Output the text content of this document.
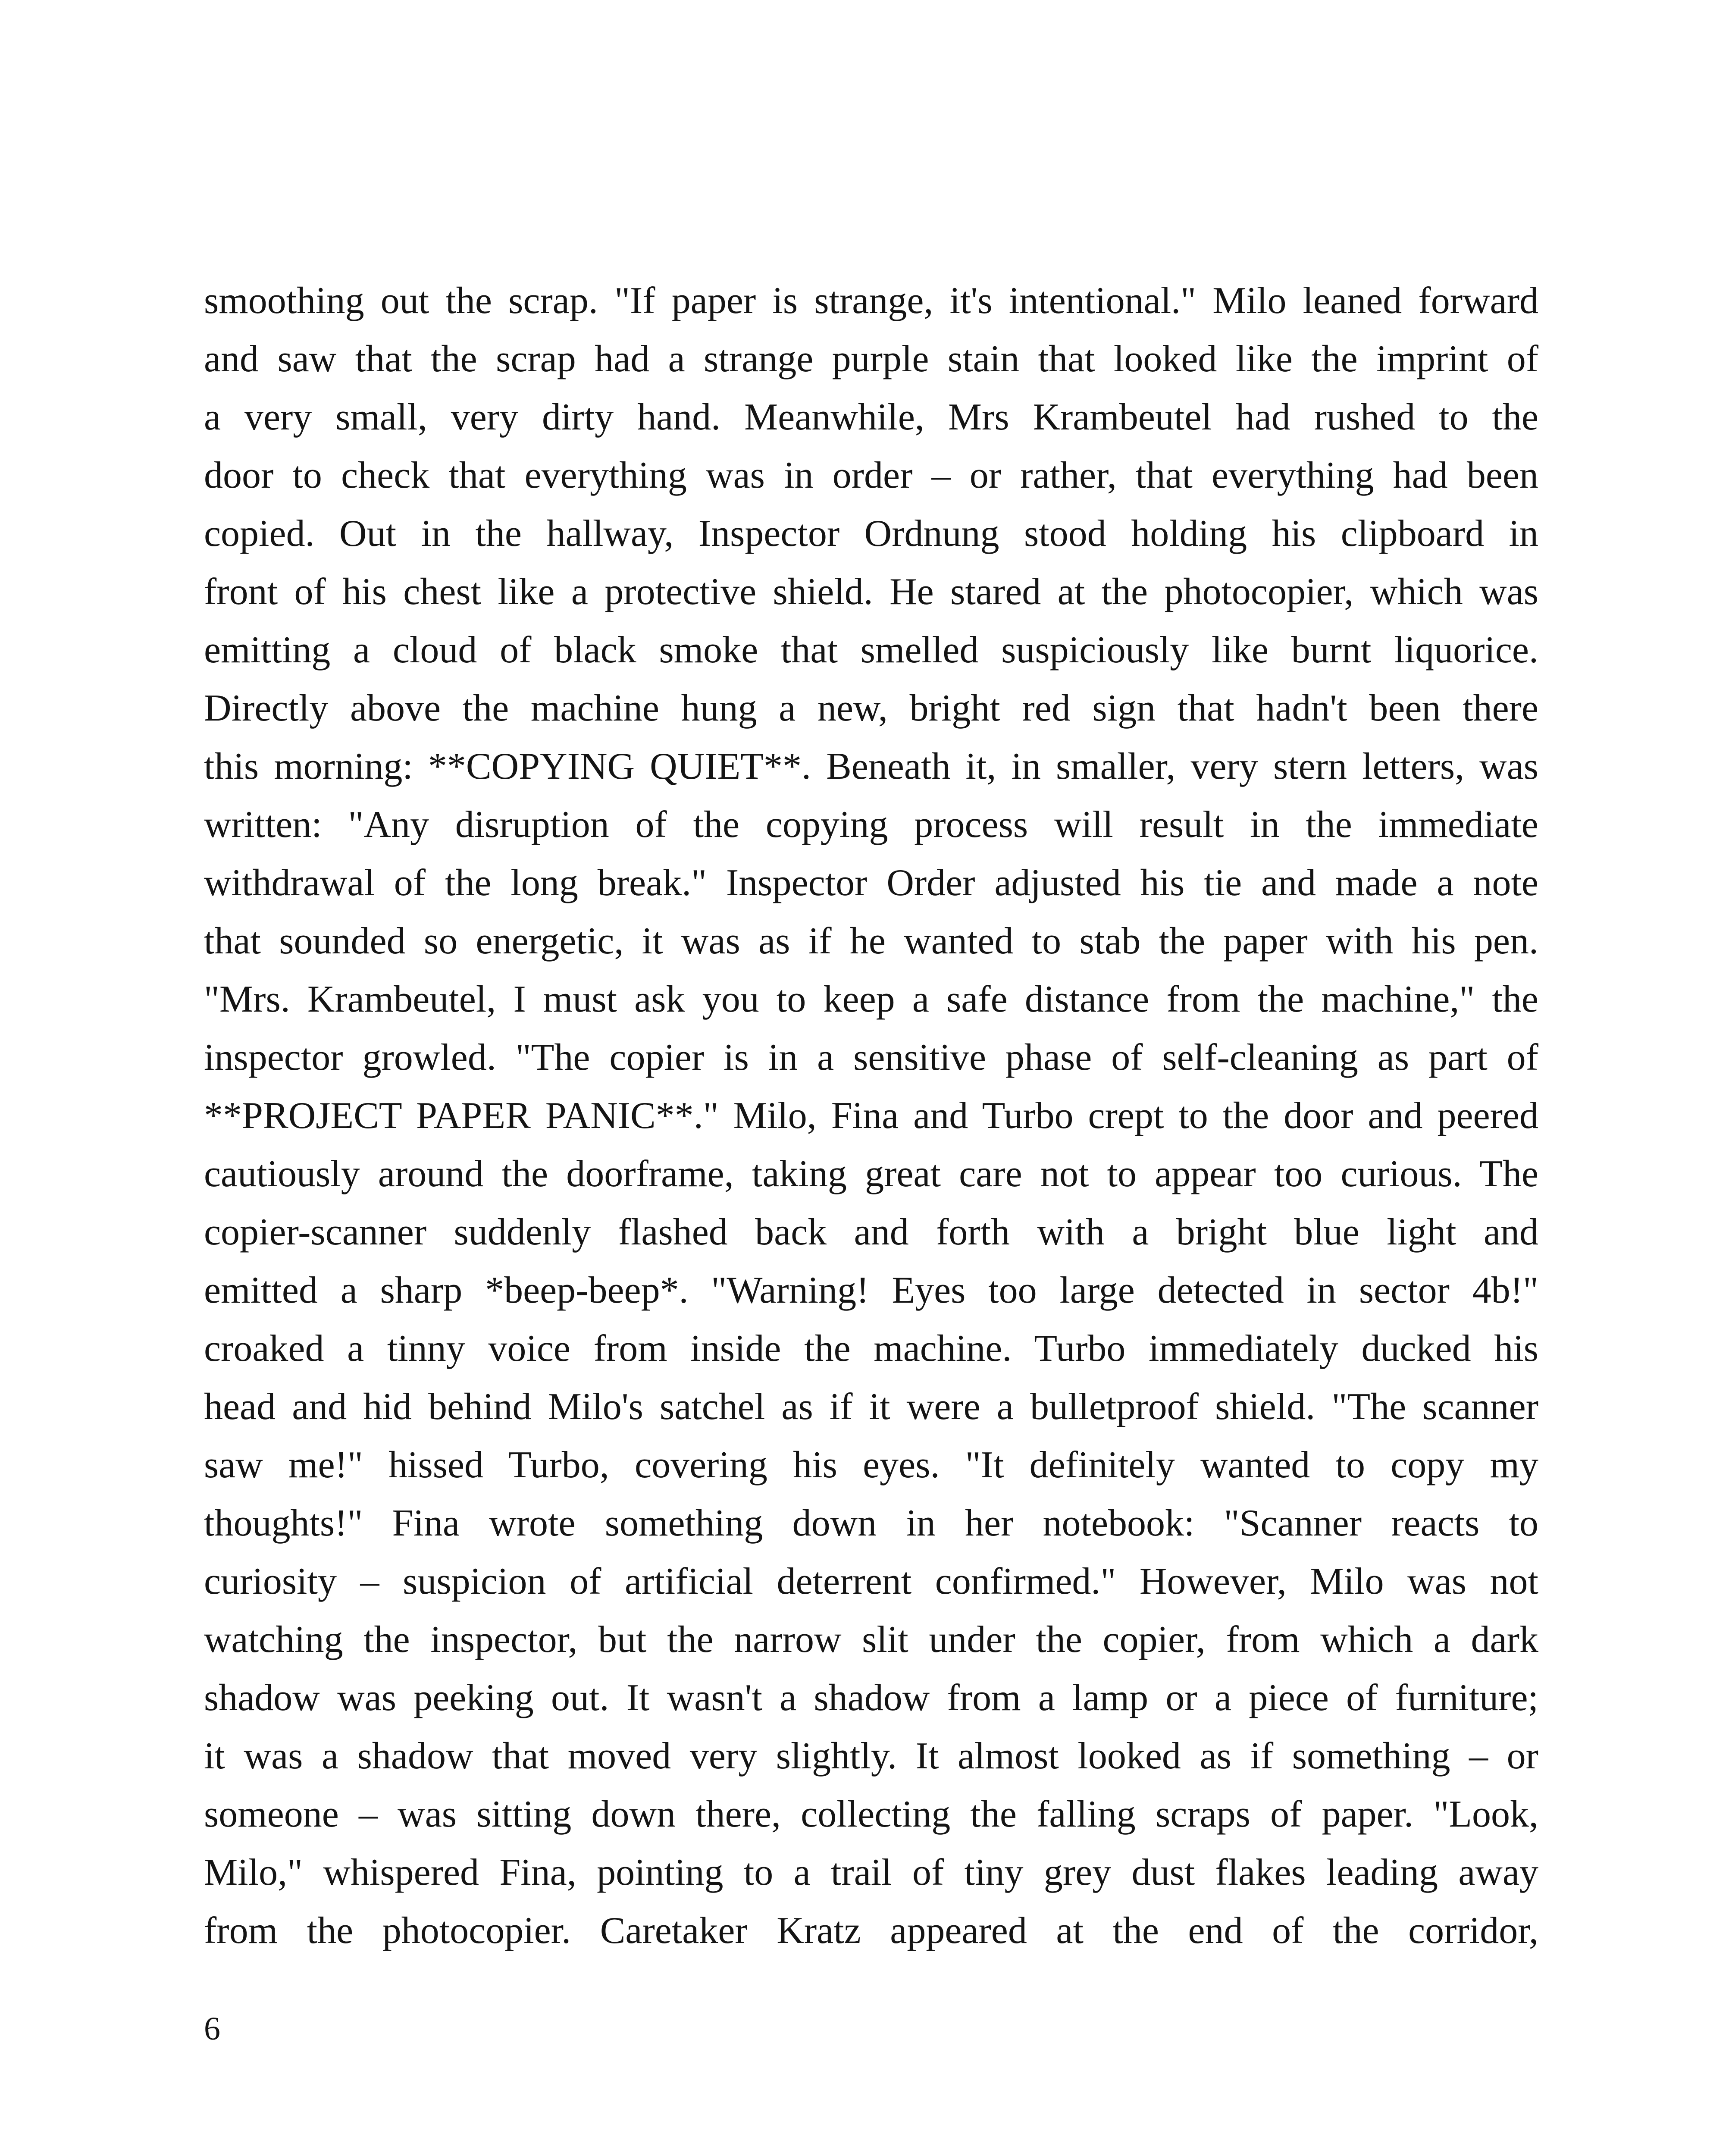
smoothing out the scrap. "If paper is strange, it's intentional." Milo leaned forward
and saw that the scrap had a strange purple stain that looked like the imprint of
a very small, very dirty hand. Meanwhile, Mrs Krambeutel had rushed to the
door to check that everything was in order – or rather, that everything had been
copied. Out in the hallway, Inspector Ordnung stood holding his clipboard in
front of his chest like a protective shield. He stared at the photocopier, which was
emitting a cloud of black smoke that smelled suspiciously like burnt liquorice.
Directly above the machine hung a new, bright red sign that hadn't been there
this morning: **COPYING QUIET**. Beneath it, in smaller, very stern letters, was
written: "Any disruption of the copying process will result in the immediate
withdrawal of the long break." Inspector Order adjusted his tie and made a note
that sounded so energetic, it was as if he wanted to stab the paper with his pen.
"Mrs. Krambeutel, I must ask you to keep a safe distance from the machine," the
inspector growled. "The copier is in a sensitive phase of self-cleaning as part of
**PROJECT PAPER PANIC**." Milo, Fina and Turbo crept to the door and peered
cautiously around the doorframe, taking great care not to appear too curious. The
copier-scanner suddenly flashed back and forth with a bright blue light and
emitted a sharp *beep-beep*. "Warning! Eyes too large detected in sector 4b!"
croaked a tinny voice from inside the machine. Turbo immediately ducked his
head and hid behind Milo's satchel as if it were a bulletproof shield. "The scanner
saw me!" hissed Turbo, covering his eyes. "It definitely wanted to copy my
thoughts!" Fina wrote something down in her notebook: "Scanner reacts to
curiosity – suspicion of artificial deterrent confirmed." However, Milo was not
watching the inspector, but the narrow slit under the copier, from which a dark
shadow was peeking out. It wasn't a shadow from a lamp or a piece of furniture;
it was a shadow that moved very slightly. It almost looked as if something – or
someone – was sitting down there, collecting the falling scraps of paper. "Look,
Milo," whispered Fina, pointing to a trail of tiny grey dust flakes leading away
from the photocopier. Caretaker Kratz appeared at the end of the corridor,
6
